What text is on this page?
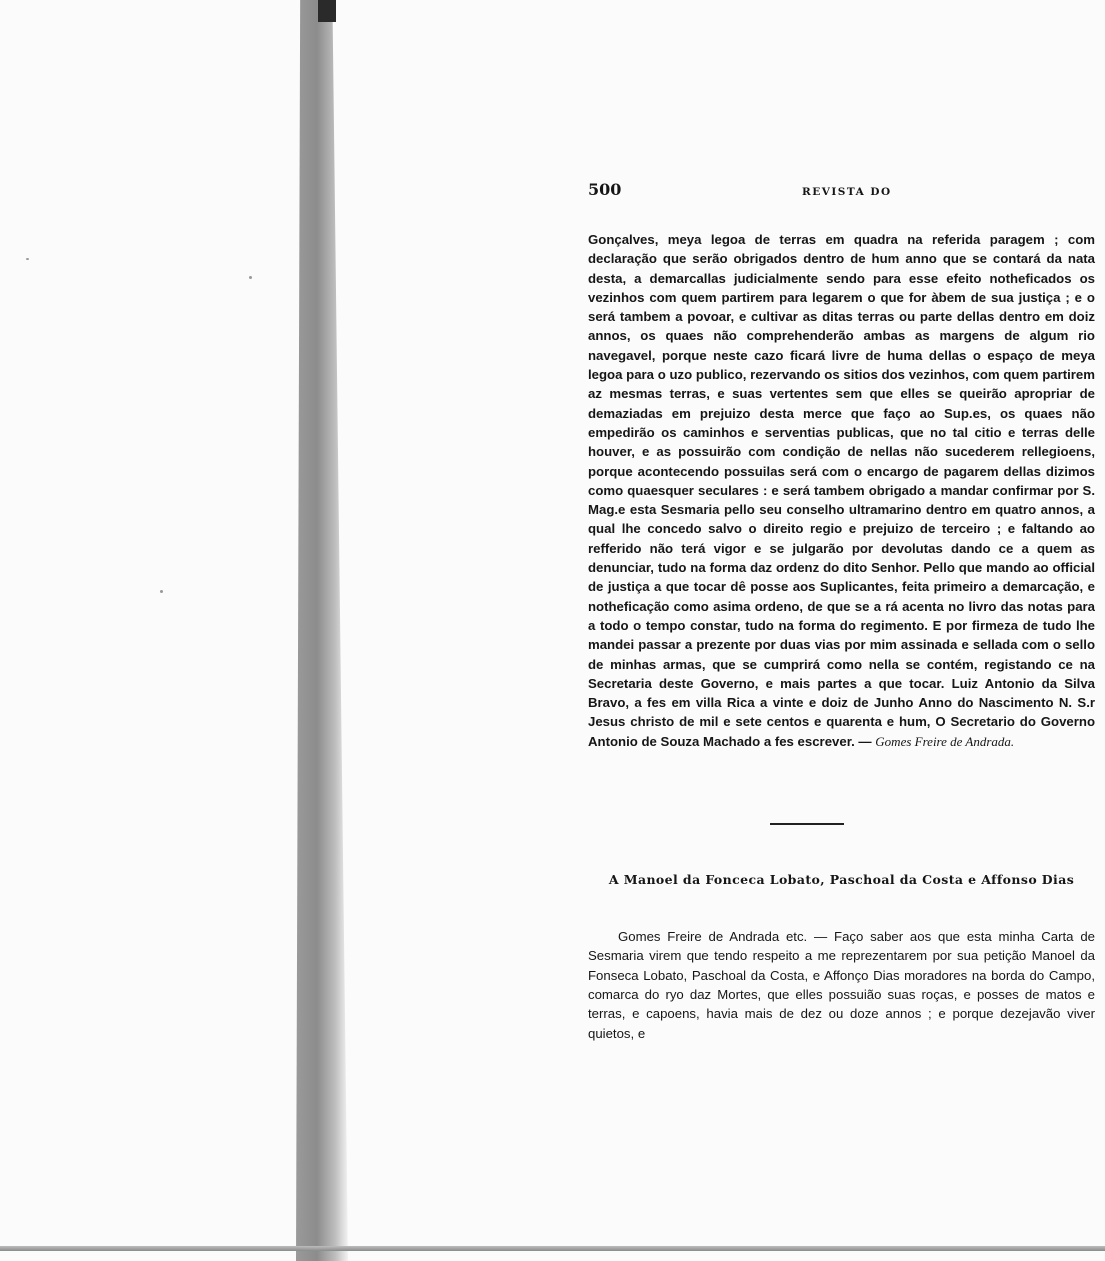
500	REVISTA DO
Gonçalves, meya legoa de terras em quadra na referida paragem ; com declaração que serão obrigados dentro de hum anno que se contará da nata desta, a demarcallas judicialmente sendo para esse efeito notheficados os vezinhos com quem partirem para legarem o que for àbem de sua justiça ; e o será tambem a povoar, e cultivar as ditas terras ou parte dellas dentro em doiz annos, os quaes não comprehenderão ambas as margens de algum rio navegavel, porque neste cazo ficará livre de huma dellas o espaço de meya legoa para o uzo publico, rezervando os sitios dos vezinhos, com quem partirem az mesmas terras, e suas vertentes sem que elles se queirão apropriar de demaziadas em prejuizo desta merce que faço ao Sup.es, os quaes não empedirão os caminhos e serventias publicas, que no tal citio e terras delle houver, e as possuirão com condição de nellas não sucederem rellegioens, porque acontecendo possuilas será com o encargo de pagarem dellas dizimos como quaesquer seculares : e será tambem obrigado a mandar confirmar por S. Mag.e esta Sesmaria pello seu conselho ultramarino dentro em quatro annos, a qual lhe concedo salvo o direito regio e prejuizo de terceiro ; e faltando ao refferido não terá vigor e se julgarão por devolutas dando ce a quem as denunciar, tudo na forma daz ordenz do dito Senhor. Pello que mando ao official de justiça a que tocar dê posse aos Suplicantes, feita primeiro a demarcação, e notheficação como asima ordeno, de que se a rá acenta no livro das notas para a todo o tempo constar, tudo na forma do regimento. E por firmeza de tudo lhe mandei passar a prezente por duas vias por mim assinada e sellada com o sello de minhas armas, que se cumprirá como nella se contém, registando ce na Secretaria deste Governo, e mais partes a que tocar. Luiz Antonio da Silva Bravo, a fes em villa Rica a vinte e doiz de Junho Anno do Nascimento N. S.r Jesus christo de mil e sete centos e quarenta e hum, O Secretario do Governo Antonio de Souza Machado a fes escrever. — Gomes Freire de Andrada.
A Manoel da Fonceca Lobato, Paschoal da Costa e Affonso Dias
Gomes Freire de Andrada etc. — Faço saber aos que esta minha Carta de Sesmaria virem que tendo respeito a me reprezentarem por sua petição Manoel da Fonseca Lobato, Paschoal da Costa, e Affonço Dias moradores na borda do Campo, comarca do ryo daz Mortes, que elles possuião suas roças, e posses de matos e terras, e capoens, havia mais de dez ou doze annos ; e porque dezejavão viver quietos, e
